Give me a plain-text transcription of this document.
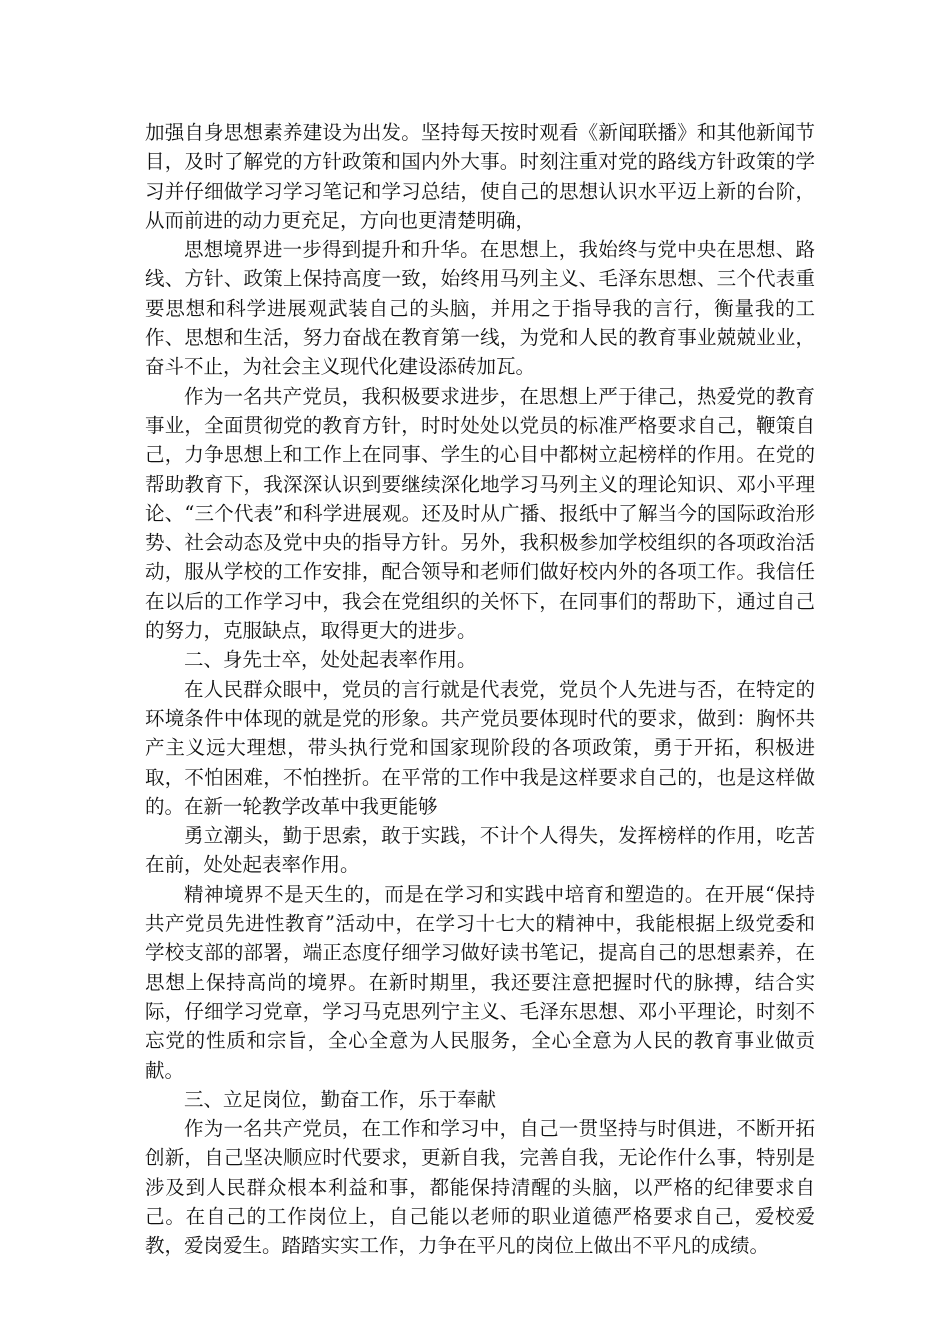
加强自身思想素养建设为出发。坚持每天按时观看《新闻联播》和其他新闻节目，及时了解党的方针政策和国内外大事。时刻注重对党的路线方针政策的学习并仔细做学习学习笔记和学习总结，使自己的思想认识水平迈上新的台阶，从而前进的动力更充足，方向也更清楚明确，

思想境界进一步得到提升和升华。在思想上，我始终与党中央在思想、路线、方针、政策上保持高度一致，始终用马列主义、毛泽东思想、三个代表重要思想和科学进展观武装自己的头脑，并用之于指导我的言行，衡量我的工作、思想和生活，努力奋战在教育第一线，为党和人民的教育事业兢兢业业，奋斗不止，为社会主义现代化建设添砖加瓦。

作为一名共产党员，我积极要求进步，在思想上严于律己，热爱党的教育事业，全面贯彻党的教育方针，时时处处以党员的标准严格要求自己，鞭策自己，力争思想上和工作上在同事、学生的心目中都树立起榜样的作用。在党的帮助教育下，我深深认识到要继续深化地学习马列主义的理论知识、邓小平理论、“三个代表”和科学进展观。还及时从广播、报纸中了解当今的国际政治形势、社会动态及党中央的指导方针。另外，我积极参加学校组织的各项政治活动，服从学校的工作安排，配合领导和老师们做好校内外的各项工作。我信任在以后的工作学习中，我会在党组织的关怀下，在同事们的帮助下，通过自己的努力，克服缺点，取得更大的进步。

二、身先士卒，处处起表率作用。

在人民群众眼中，党员的言行就是代表党，党员个人先进与否，在特定的环境条件中体现的就是党的形象。共产党员要体现时代的要求，做到：胸怀共产主义远大理想，带头执行党和国家现阶段的各项政策，勇于开拓，积极进取，不怕困难，不怕挫折。在平常的工作中我是这样要求自己的，也是这样做的。在新一轮教学改革中我更能够

勇立潮头，勤于思索，敢于实践，不计个人得失，发挥榜样的作用，吃苦在前，处处起表率作用。

精神境界不是天生的，而是在学习和实践中培育和塑造的。在开展“保持共产党员先进性教育”活动中，在学习十七大的精神中，我能根据上级党委和学校支部的部署，端正态度仔细学习做好读书笔记，提高自己的思想素养，在思想上保持高尚的境界。在新时期里，我还要注意把握时代的脉搏，结合实际，仔细学习党章，学习马克思列宁主义、毛泽东思想、邓小平理论，时刻不忘党的性质和宗旨，全心全意为人民服务，全心全意为人民的教育事业做贡献。

三、立足岗位，勤奋工作，乐于奉献

作为一名共产党员，在工作和学习中，自己一贯坚持与时俱进，不断开拓创新，自己坚决顺应时代要求，更新自我，完善自我，无论作什么事，特别是涉及到人民群众根本利益和事，都能保持清醒的头脑，以严格的纪律要求自己。在自己的工作岗位上，自己能以老师的职业道德严格要求自己，爱校爱教，爱岗爱生。踏踏实实工作，力争在平凡的岗位上做出不平凡的成绩。
